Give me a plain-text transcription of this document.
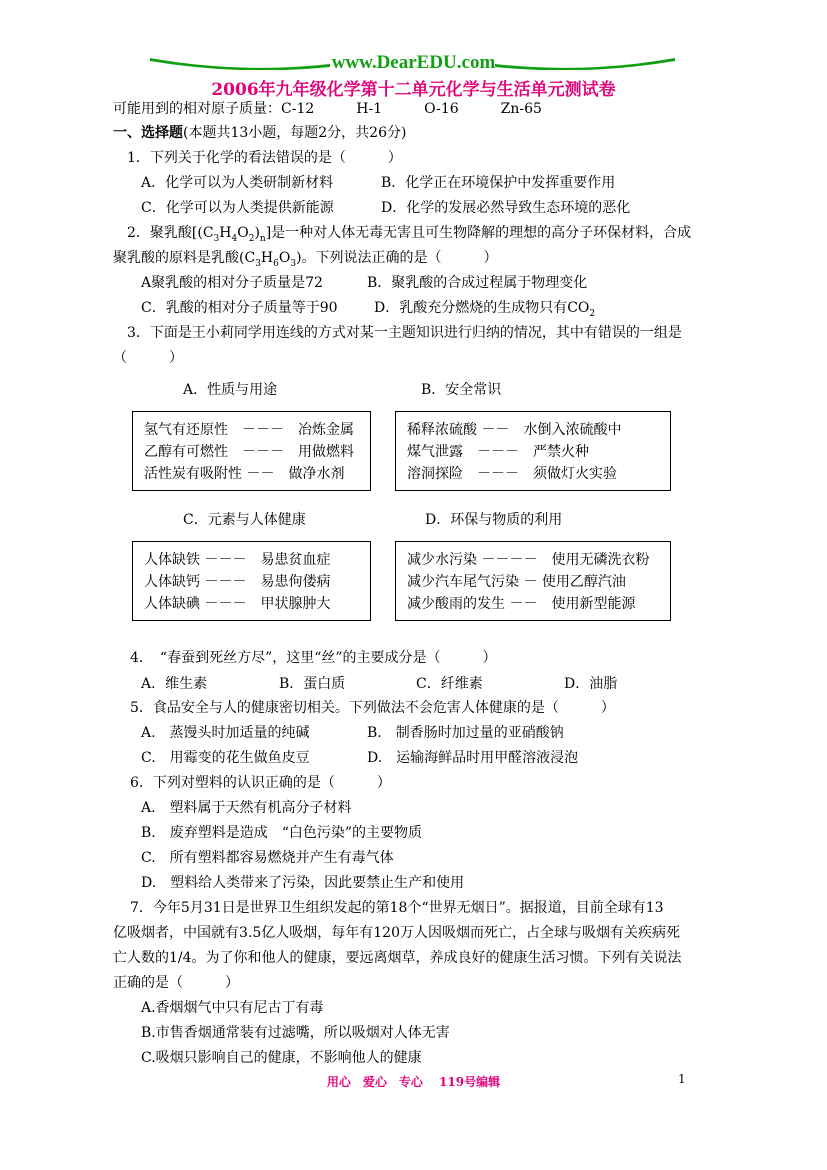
www.DearEDU.com
2006年九年级化学第十二单元化学与生活单元测试卷
可能用到的相对原子质量：C-12　　　H-1　　　O-16　　　Zn-65
一、选择题(本题共13小题，每题2分，共26分)
1．下列关于化学的看法错误的是（　　　）
A．化学可以为人类研制新材料	B．化学正在环境保护中发挥重要作用
C．化学可以为人类提供新能源	D．化学的发展必然导致生态环境的恶化
2．聚乳酸$[(C_3H_4O_2)_n]$是一种对人体无毒无害且可生物降解的理想的高分子环保材料，合成
聚乳酸的原料是乳酸$(C_3H_6O_3)$。下列说法正确的是（　　　）
A聚乳酸的相对分子质量是72	B．聚乳酸的合成过程属于物理变化
C．乳酸的相对分子质量等于90	D．乳酸充分燃烧的生成物只有$CO_2$
3．下面是王小莉同学用连线的方式对某一主题知识进行归纳的情况，其中有错误的一组是
（　　　）
A．性质与用途	B．安全常识
氢气有还原性　－－－　冶炼金属
乙醇有可燃性　－－－　用做燃料
活性炭有吸附性 －－　做净水剂
稀释浓硫酸 －－　水倒入浓硫酸中
煤气泄露　－－－　严禁火种
溶洞探险　－－－　须做灯火实验
C．元素与人体健康	D．环保与物质的利用
人体缺铁 －－－　易患贫血症
人体缺钙 －－－　易患佝偻病
人体缺碘 －－－　甲状腺肿大
减少水污染 －－－－　使用无磷洗衣粉
减少汽车尾气污染 － 使用乙醇汽油
减少酸雨的发生 －－　使用新型能源
4．　“春蚕到死丝方尽”，这里“丝”的主要成分是（　　　）
A．维生素	B．蛋白质	C．纤维素	D．油脂
5．食品安全与人的健康密切相关。下列做法不会危害人体健康的是（　　　）
A.　蒸馒头时加适量的纯碱	B.　制香肠时加过量的亚硝酸钠
C.　用霉变的花生做鱼皮豆	D.　运输海鲜品时用甲醛溶液浸泡
6．下列对塑料的认识正确的是（　　　）
A.　塑料属于天然有机高分子材料
B.　废弃塑料是造成　“白色污染”的主要物质
C.　所有塑料都容易燃烧并产生有毒气体
D.　塑料给人类带来了污染，因此要禁止生产和使用
7．今年5月31日是世界卫生组织发起的第18个“世界无烟日”。据报道，目前全球有13
亿吸烟者，中国就有3.5亿人吸烟，每年有120万人因吸烟而死亡，占全球与吸烟有关疾病死
亡人数的1/4。为了你和他人的健康，要远离烟草，养成良好的健康生活习惯。下列有关说法
正确的是（　　　）
A.香烟烟气中只有尼古丁有毒
B.市售香烟通常装有过滤嘴，所以吸烟对人体无害
C.吸烟只影响自己的健康，不影响他人的健康
用心　爱心　专心　 119号编辑	1
